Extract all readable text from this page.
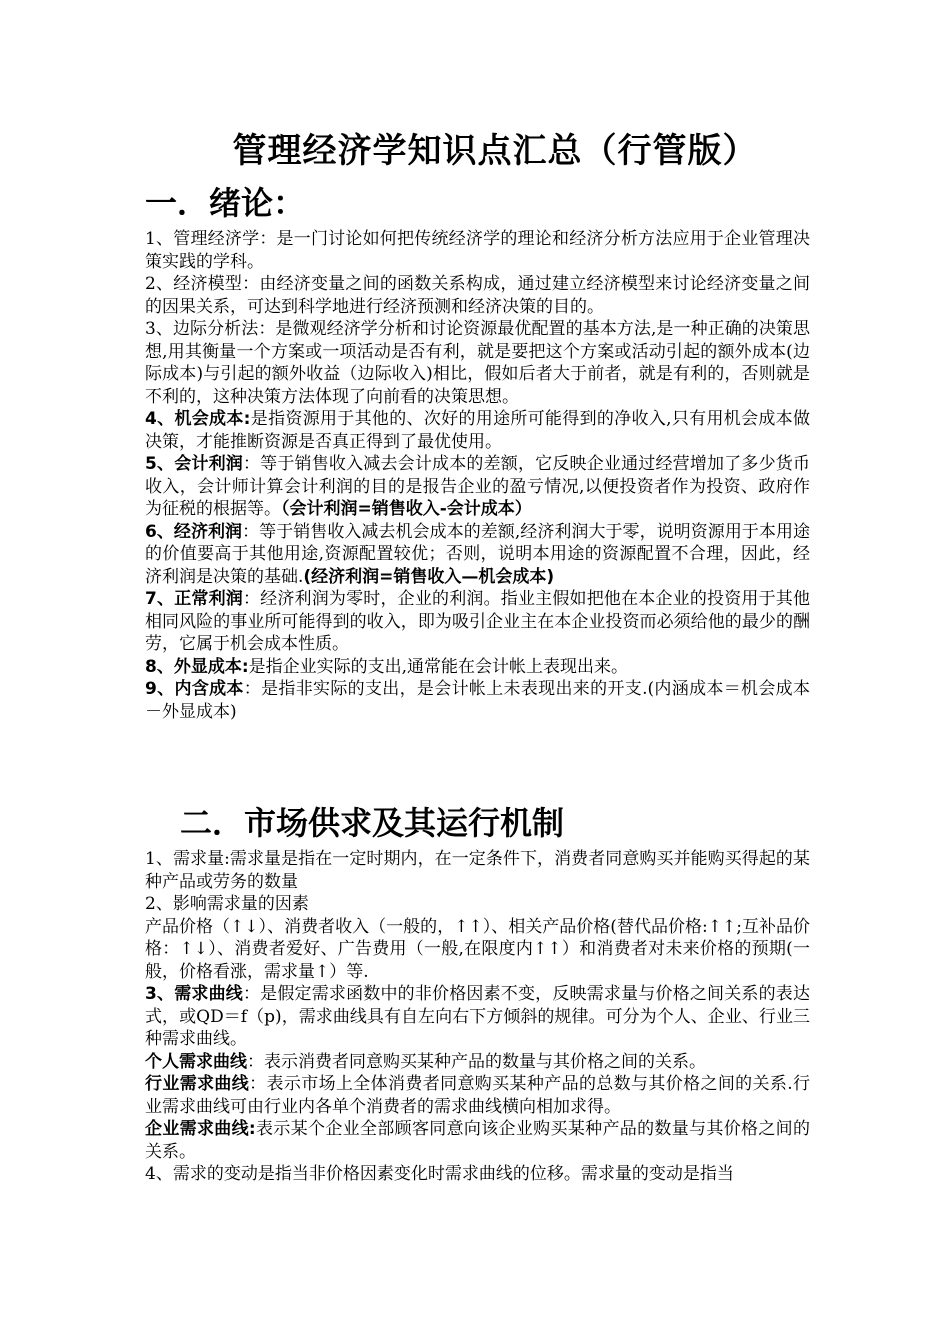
管理经济学知识点汇总（行管版）
一．绪论：

1、管理经济学：是一门讨论如何把传统经济学的理论和经济分析方法应用于企业管理决策实践的学科。

2、经济模型：由经济变量之间的函数关系构成，通过建立经济模型来讨论经济变量之间的因果关系，可达到科学地进行经济预测和经济决策的目的。

3、边际分析法：是微观经济学分析和讨论资源最优配置的基本方法,是一种正确的决策思想,用其衡量一个方案或一项活动是否有利，就是要把这个方案或活动引起的额外成本(边际成本)与引起的额外收益（边际收入)相比，假如后者大于前者，就是有利的，否则就是不利的，这种决策方法体现了向前看的决策思想。

4、机会成本:是指资源用于其他的、次好的用途所可能得到的净收入,只有用机会成本做决策，才能推断资源是否真正得到了最优使用。

5、会计利润：等于销售收入减去会计成本的差额，它反映企业通过经营增加了多少货币收入，会计师计算会计利润的目的是报告企业的盈亏情况,以便投资者作为投资、政府作为征税的根据等。（会计利润=销售收入-会计成本）

6、经济利润：等于销售收入减去机会成本的差额,经济利润大于零，说明资源用于本用途的价值要高于其他用途,资源配置较优；否则，说明本用途的资源配置不合理，因此，经济利润是决策的基础.(经济利润=销售收入—机会成本)

7、正常利润：经济利润为零时，企业的利润。指业主假如把他在本企业的投资用于其他相同风险的事业所可能得到的收入，即为吸引企业主在本企业投资而必须给他的最少的酬劳，它属于机会成本性质。

8、外显成本:是指企业实际的支出,通常能在会计帐上表现出来。

9、内含成本：是指非实际的支出，是会计帐上未表现出来的开支.(内涵成本＝机会成本－外显成本)

二．市场供求及其运行机制

1、需求量:需求量是指在一定时期内，在一定条件下，消费者同意购买并能购买得起的某种产品或劳务的数量

2、影响需求量的因素

产品价格（↑↓）、消费者收入（一般的，↑↑）、相关产品价格(替代品价格:↑↑;互补品价格：↑↓）、消费者爱好、广告费用（一般,在限度内↑↑）和消费者对未来价格的预期(一般，价格看涨，需求量↑）等.

3、需求曲线：是假定需求函数中的非价格因素不变，反映需求量与价格之间关系的表达式，或QD＝f（p)，需求曲线具有自左向右下方倾斜的规律。可分为个人、企业、行业三种需求曲线。

个人需求曲线：表示消费者同意购买某种产品的数量与其价格之间的关系。

行业需求曲线：表示市场上全体消费者同意购买某种产品的总数与其价格之间的关系.行业需求曲线可由行业内各单个消费者的需求曲线横向相加求得。

企业需求曲线:表示某个企业全部顾客同意向该企业购买某种产品的数量与其价格之间的关系。

4、需求的变动是指当非价格因素变化时需求曲线的位移。需求量的变动是指当
